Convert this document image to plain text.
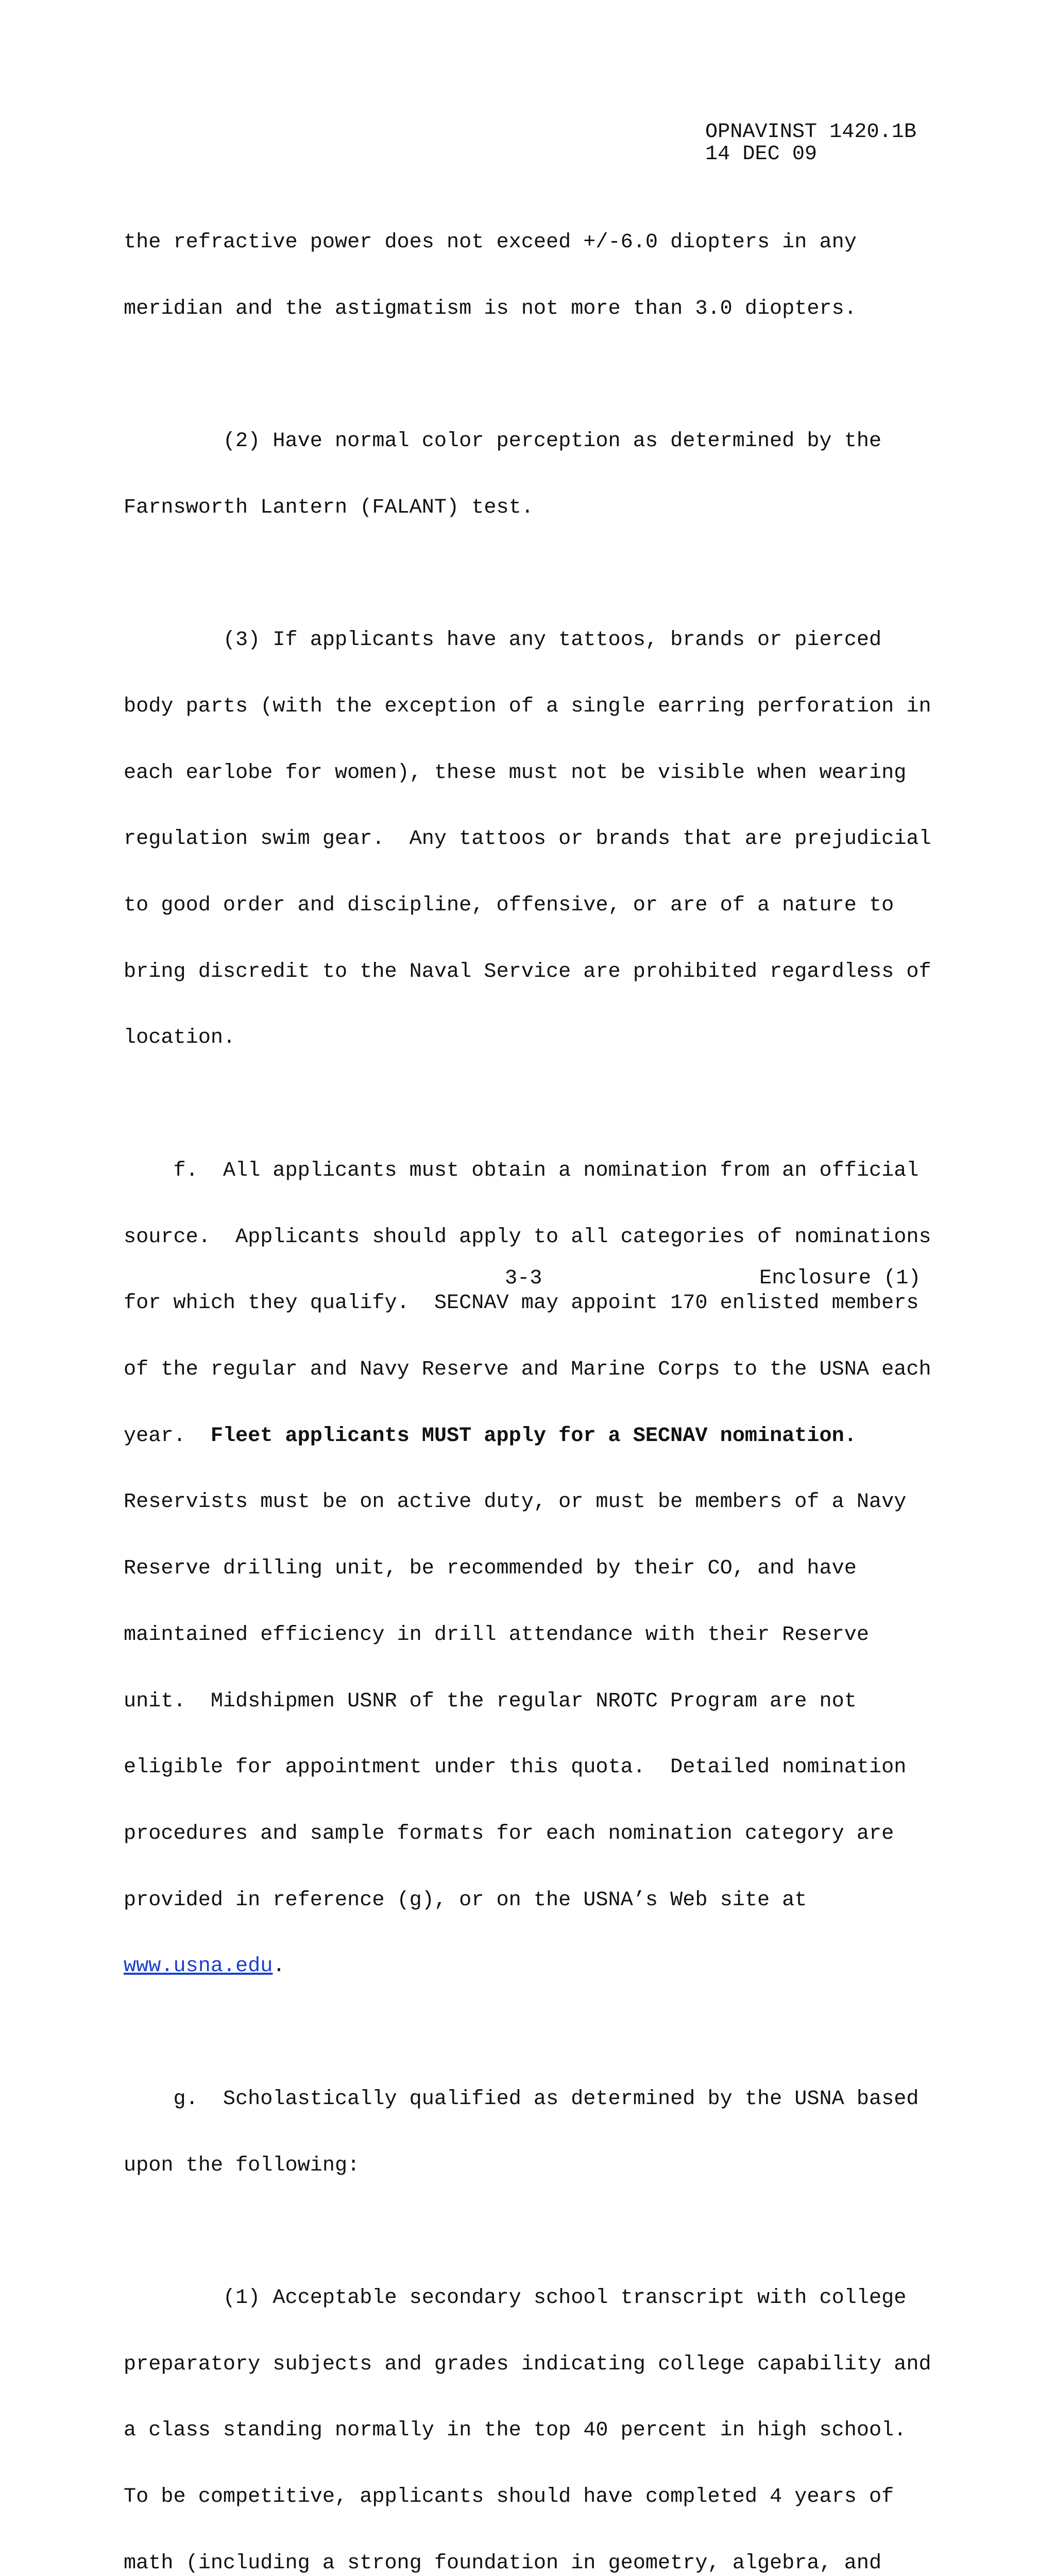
OPNAVINST 1420.1B
14 DEC 09

the refractive power does not exceed +/-6.0 diopters in any

meridian and the astigmatism is not more than 3.0 diopters.

(2) Have normal color perception as determined by the

Farnsworth Lantern (FALANT) test.

(3) If applicants have any tattoos, brands or pierced

body parts (with the exception of a single earring perforation in

each earlobe for women), these must not be visible when wearing

regulation swim gear.  Any tattoos or brands that are prejudicial

to good order and discipline, offensive, or are of a nature to

bring discredit to the Naval Service are prohibited regardless of

location.

f.  All applicants must obtain a nomination from an official

source.  Applicants should apply to all categories of nominations

for which they qualify.  SECNAV may appoint 170 enlisted members

of the regular and Navy Reserve and Marine Corps to the USNA each

year.  Fleet applicants MUST apply for a SECNAV nomination.

Reservists must be on active duty, or must be members of a Navy

Reserve drilling unit, be recommended by their CO, and have

maintained efficiency in drill attendance with their Reserve

unit.  Midshipmen USNR of the regular NROTC Program are not

eligible for appointment under this quota.  Detailed nomination

procedures and sample formats for each nomination category are

provided in reference (g), or on the USNA’s Web site at

www.usna.edu.

g.  Scholastically qualified as determined by the USNA based

upon the following:

(1) Acceptable secondary school transcript with college

preparatory subjects and grades indicating college capability and

a class standing normally in the top 40 percent in high school.

To be competitive, applicants should have completed 4 years of

math (including a strong foundation in geometry, algebra, and

3-3	Enclosure (1)
